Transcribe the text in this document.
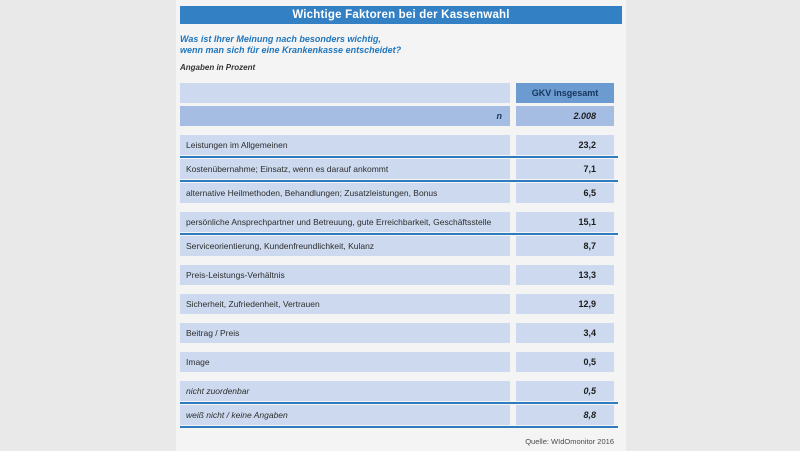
Wichtige Faktoren bei der Kassenwahl
Was ist Ihrer Meinung nach besonders wichtig,
wenn man sich für eine Krankenkasse entscheidet?
Angaben in Prozent
GKV insgesamt
n	2.008
Leistungen im Allgemeinen	23,2
Kostenübernahme; Einsatz, wenn es darauf ankommt	7,1
alternative Heilmethoden, Behandlungen; Zusatzleistungen, Bonus	6,5
persönliche Ansprechpartner und Betreuung, gute Erreichbarkeit, Geschäftsstelle	15,1
Serviceorientierung, Kundenfreundlichkeit, Kulanz	8,7
Preis-Leistungs-Verhältnis	13,3
Sicherheit, Zufriedenheit, Vertrauen	12,9
Beitrag / Preis	3,4
Image	0,5
nicht zuordenbar	0,5
weiß nicht / keine Angaben	8,8
Quelle: WIdOmonitor 2016
